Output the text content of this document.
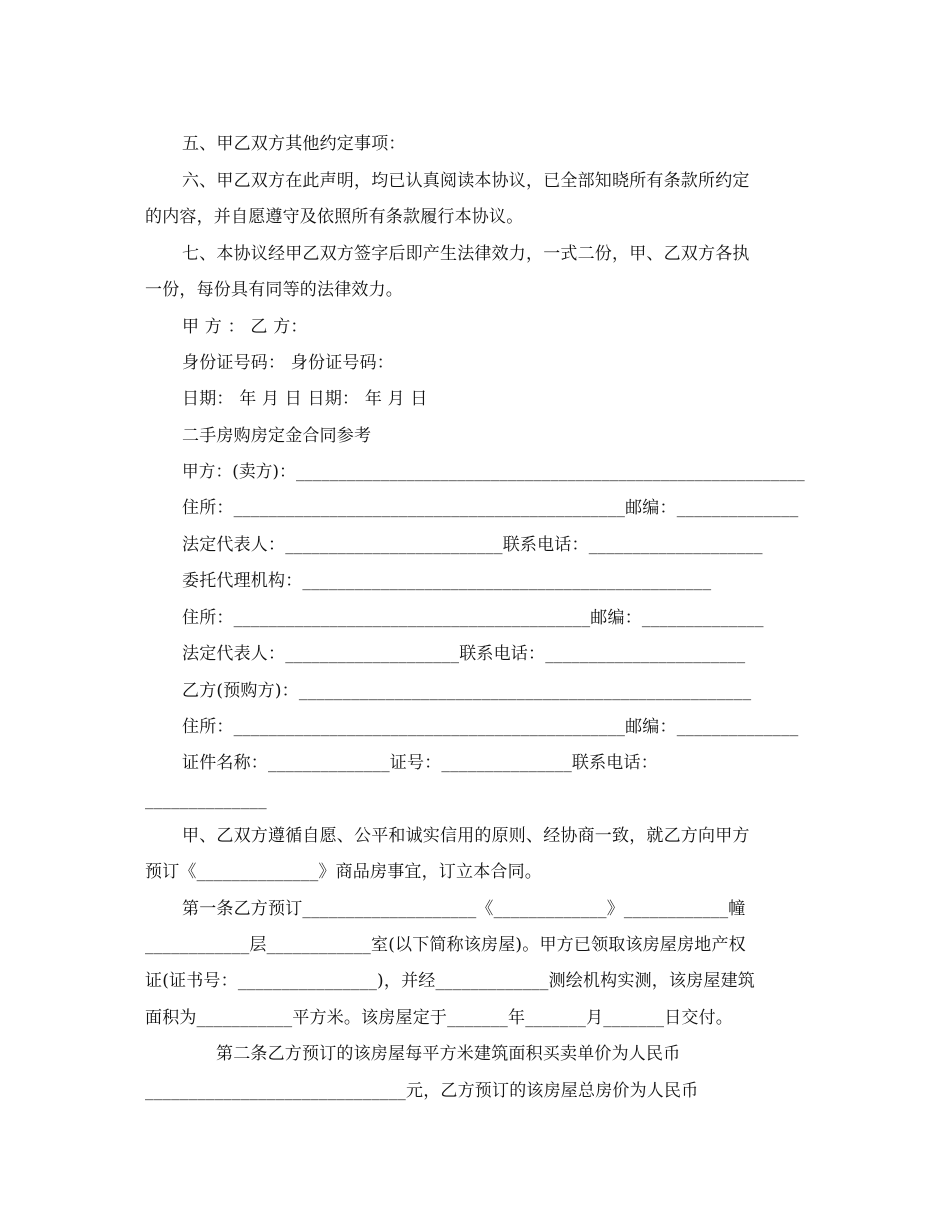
五、甲乙双方其他约定事项：
六、甲乙双方在此声明，均已认真阅读本协议，已全部知晓所有条款所约定
的内容，并自愿遵守及依照所有条款履行本协议。
七、本协议经甲乙双方签字后即产生法律效力，一式二份，甲、乙双方各执
一份，每份具有同等的法律效力。
甲 方 ： 乙 方：
身份证号码： 身份证号码：
日期： 年 月 日 日期： 年 月 日
二手房购房定金合同参考
甲方：(卖方)：____________________________________________________________
住所：_____________________________________________邮编：______________
法定代表人：_________________________联系电话：____________________
委托代理机构：_______________________________________________
住所：_________________________________________邮编：______________
法定代表人：____________________联系电话：_______________________
乙方(预购方)：____________________________________________________
住所：_____________________________________________邮编：______________
证件名称：______________证号：_______________联系电话：
______________
甲、乙双方遵循自愿、公平和诚实信用的原则、经协商一致，就乙方向甲方
预订《______________》商品房事宜，订立本合同。
第一条乙方预订____________________《_____________》____________幢
____________层____________室(以下简称该房屋)。甲方已领取该房屋房地产权
证(证书号：________________)，并经_____________测绘机构实测，该房屋建筑
面积为___________平方米。该房屋定于_______年_______月_______日交付。
第二条乙方预订的该房屋每平方米建筑面积买卖单价为人民币
______________________________元，乙方预订的该房屋总房价为人民币
